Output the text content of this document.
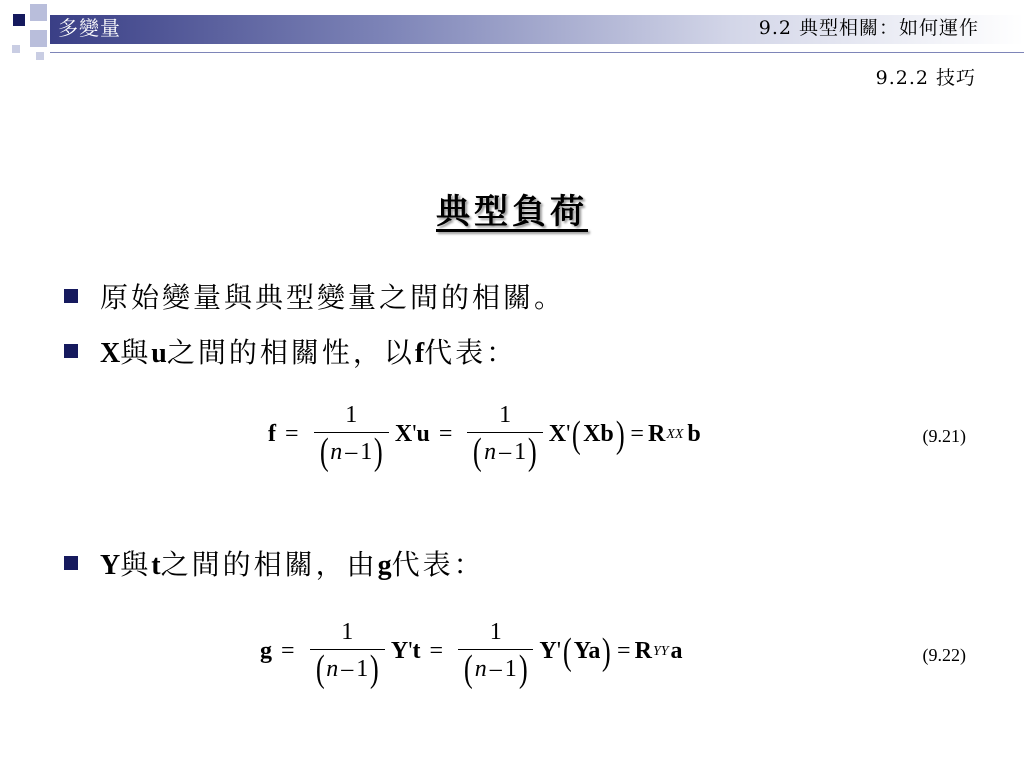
多變量	9.2 典型相關：如何運作
9.2.2 技巧
典型負荷
原始變量與典型變量之間的相關。
X與u之間的相關性，以f代表：
$f = \frac{1}{( n - 1 )}$ X ' $u = \frac{1}{( n - 1 )}$ X ' ( Xb ) = R XX b	(9.21)
Y與t之間的相關，由g代表：
$g = \frac{1}{( n - 1 )}$ Y ' $t = \frac{1}{( n - 1 )}$ Y ' ( Ya ) = R YY a	(9.22)
